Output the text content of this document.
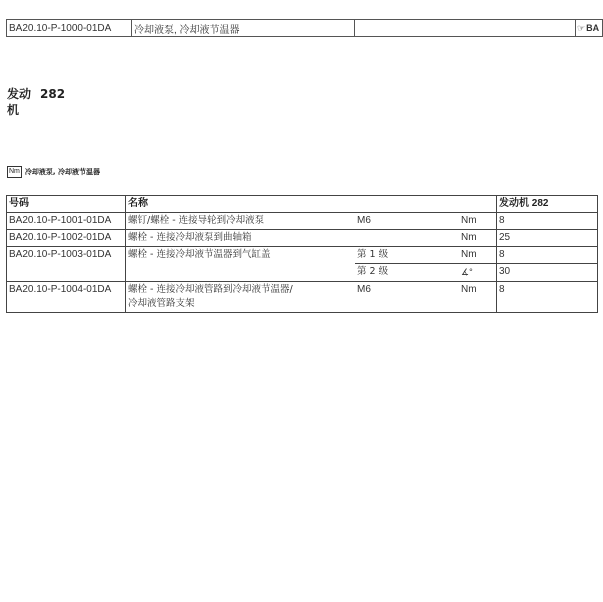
BA20.10-P-1000-01DA	冷却液泵, 冷却液节温器		☞BA
发动机282
Nm 冷却液泵, 冷却液节温器
号码	名称			发动机 282
BA20.10-P-1001-01DA	螺钉/螺栓 - 连接导轮到冷却液泵	M6	Nm	8
BA20.10-P-1002-01DA	螺栓 - 连接冷却液泵到曲轴箱		Nm	25
BA20.10-P-1003-01DA	螺栓 - 连接冷却液节温器到气缸盖	第 1 级	Nm	8

		第 2 级	∡°	30
BA20.10-P-1004-01DA	螺栓 - 连接冷却液管路到冷却液节温器/
冷却液管路支架	M6	Nm	8
